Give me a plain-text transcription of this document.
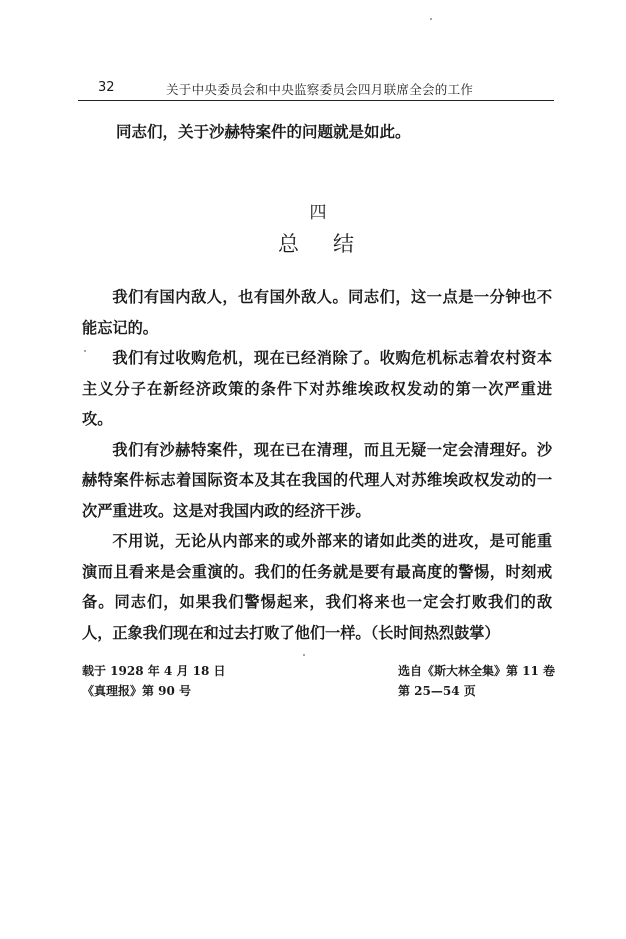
32	关于中央委员会和中央监察委员会四月联席全会的工作
同志们，关于沙赫特案件的问题就是如此。
四
总结

我们有国内敌人，也有国外敌人。同志们，这一点是一分钟也不能忘记的。

我们有过收购危机，现在已经消除了。收购危机标志着农村资本主义分子在新经济政策的条件下对苏维埃政权发动的第一次严重进攻。

我们有沙赫特案件，现在已在清理，而且无疑一定会清理好。沙赫特案件标志着国际资本及其在我国的代理人对苏维埃政权发动的一次严重进攻。这是对我国内政的经济干涉。

不用说，无论从内部来的或外部来的诸如此类的进攻，是可能重演而且看来是会重演的。我们的任务就是要有最高度的警惕，时刻戒备。同志们，如果我们警惕起来，我们将来也一定会打败我们的敌人，正象我们现在和过去打败了他们一样。（长时间热烈鼓掌）

载于 1928 年 4 月 18 日
《真理报》第 90 号
选自《斯大林全集》第 11 卷
第 25—54 页
